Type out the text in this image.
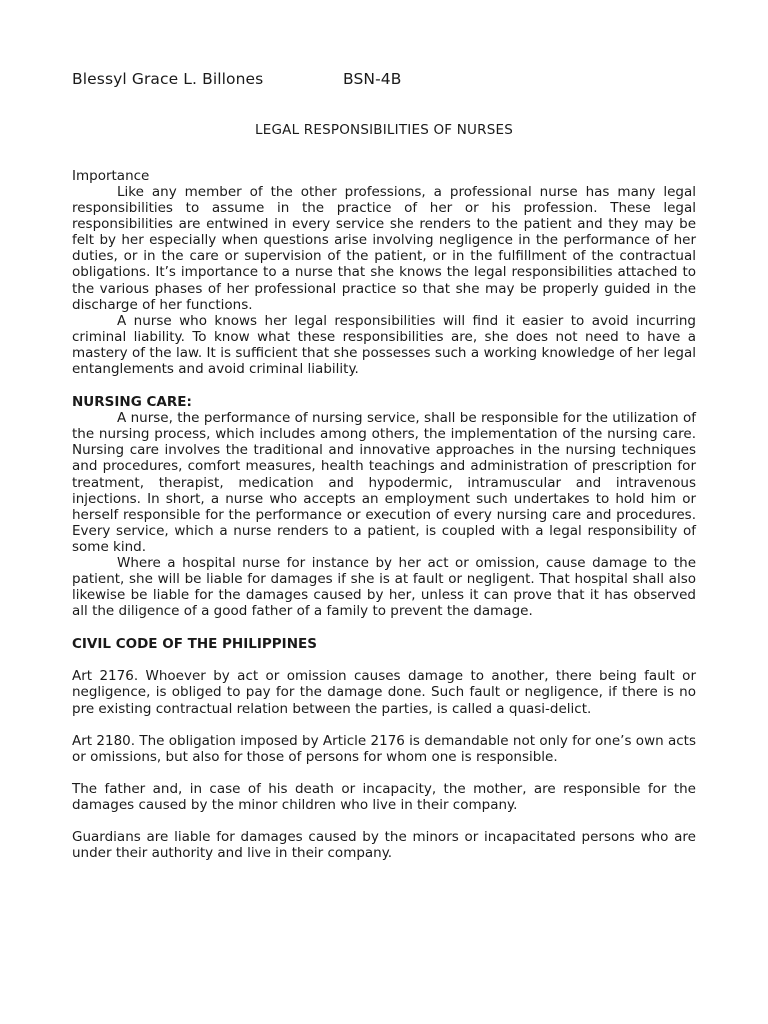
Blessyl Grace L. Billones	BSN-4B
LEGAL RESPONSIBILITIES OF NURSES
Importance

Like any member of the other professions, a professional nurse has many legal responsibilities to assume in the practice of her or his profession. These legal responsibilities are entwined in every service she renders to the patient and they may be felt by her especially when questions arise involving negligence in the performance of her duties, or in the care or supervision of the patient, or in the fulfillment of the contractual obligations. It’s importance to a nurse that she knows the legal responsibilities attached to the various phases of her professional practice so that she may be properly guided in the discharge of her functions.

A nurse who knows her legal responsibilities will find it easier to avoid incurring criminal liability. To know what these responsibilities are, she does not need to have a mastery of the law. It is sufficient that she possesses such a working knowledge of her legal entanglements and avoid criminal liability.

NURSING CARE:

A nurse, the performance of nursing service, shall be responsible for the utilization of the nursing process, which includes among others, the implementation of the nursing care. Nursing care involves the traditional and innovative approaches in the nursing techniques and procedures, comfort measures, health teachings and administration of prescription for treatment, therapist, medication and hypodermic, intramuscular and intravenous injections. In short, a nurse who accepts an employment such undertakes to hold him or herself responsible for the performance or execution of every nursing care and procedures. Every service, which a nurse renders to a patient, is coupled with a legal responsibility of some kind.

Where a hospital nurse for instance by her act or omission, cause damage to the patient, she will be liable for damages if she is at fault or negligent. That hospital shall also likewise be liable for the damages caused by her, unless it can prove that it has observed all the diligence of a good father of a family to prevent the damage.

CIVIL CODE OF THE PHILIPPINES

Art 2176. Whoever by act or omission causes damage to another, there being fault or negligence, is obliged to pay for the damage done. Such fault or negligence, if there is no pre existing contractual relation between the parties, is called a quasi-delict.

Art 2180. The obligation imposed by Article 2176 is demandable not only for one’s own acts or omissions, but also for those of persons for whom one is responsible.

The father and, in case of his death or incapacity, the mother, are responsible for the damages caused by the minor children who live in their company.

Guardians are liable for damages caused by the minors or incapacitated persons who are under their authority and live in their company.
